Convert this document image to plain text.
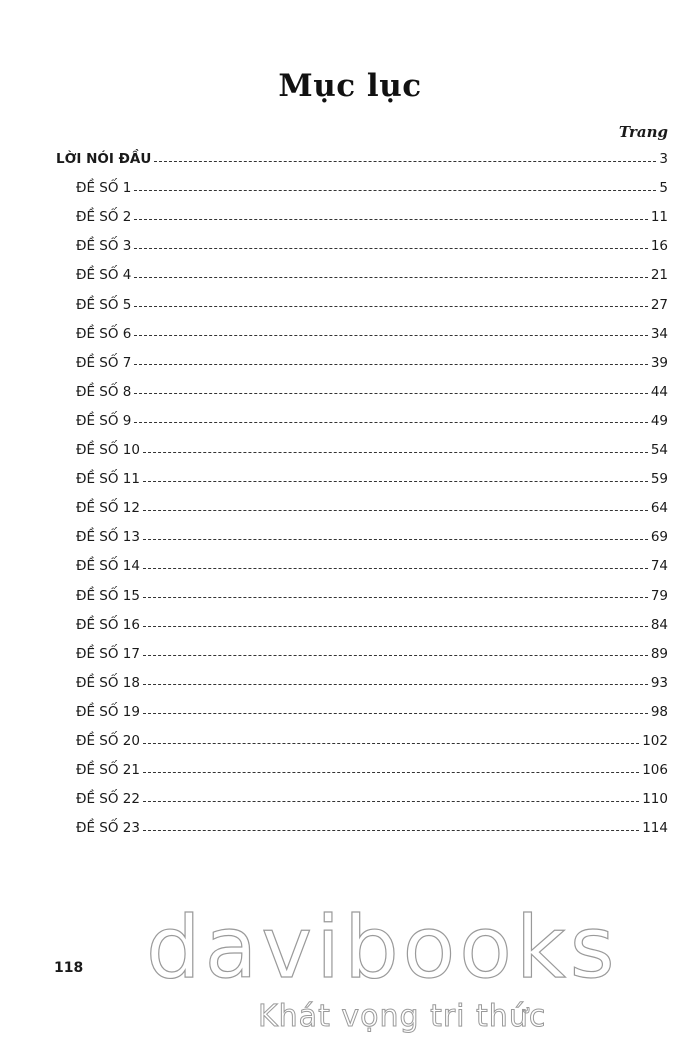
Mục lục
Trang
LỜI NÓI ĐẦU	3
ĐỀ SỐ 1	5
ĐỀ SỐ 2	11
ĐỀ SỐ 3	16
ĐỀ SỐ 4	21
ĐỀ SỐ 5	27
ĐỀ SỐ 6	34
ĐỀ SỐ 7	39
ĐỀ SỐ 8	44
ĐỀ SỐ 9	49
ĐỀ SỐ 10	54
ĐỀ SỐ 11	59
ĐỀ SỐ 12	64
ĐỀ SỐ 13	69
ĐỀ SỐ 14	74
ĐỀ SỐ 15	79
ĐỀ SỐ 16	84
ĐỀ SỐ 17	89
ĐỀ SỐ 18	93
ĐỀ SỐ 19	98
ĐỀ SỐ 20	102
ĐỀ SỐ 21	106
ĐỀ SỐ 22	110
ĐỀ SỐ 23	114
118 davibooks
Khát vọng tri thức
